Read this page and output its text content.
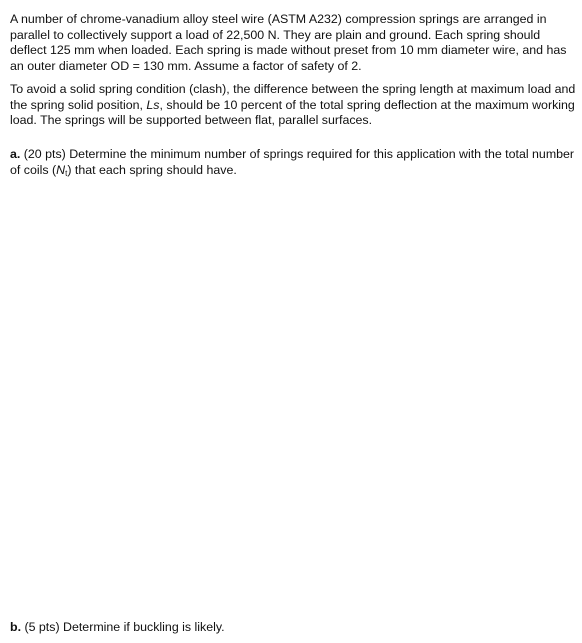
A number of chrome-vanadium alloy steel wire (ASTM A232) compression springs are arranged in parallel to collectively support a load of 22,500 N. They are plain and ground. Each spring should deflect 125 mm when loaded. Each spring is made without preset from 10 mm diameter wire, and has an outer diameter OD = 130 mm. Assume a factor of safety of 2.

To avoid a solid spring condition (clash), the difference between the spring length at maximum load and the spring solid position, Ls, should be 10 percent of the total spring deflection at the maximum working load. The springs will be supported between flat, parallel surfaces.

a. (20 pts) Determine the minimum number of springs required for this application with the total number of coils $(N_t)$ that each spring should have.

b. (5 pts) Determine if buckling is likely.
